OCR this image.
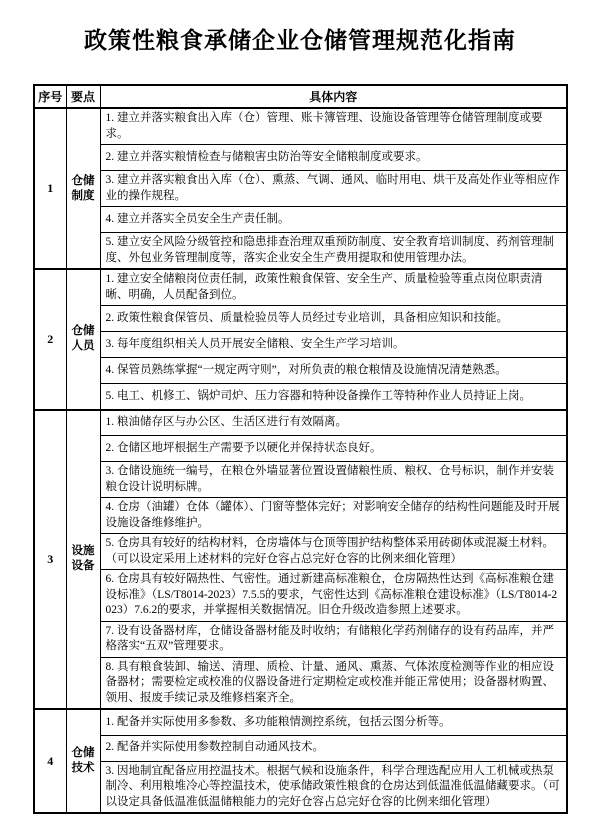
政策性粮食承储企业仓储管理规范化指南
序号	要点	具体内容
1	仓储制度	1. 建立并落实粮食出入库（仓）管理、账卡簿管理、设施设备管理等仓储管理制度或要求。
		2. 建立并落实粮情检查与储粮害虫防治等安全储粮制度或要求。
		3. 建立并落实粮食出入库（仓）、熏蒸、气调、通风、临时用电、烘干及高处作业等相应作业的操作规程。
		4. 建立并落实全员安全生产责任制。
		5. 建立安全风险分级管控和隐患排查治理双重预防制度、安全教育培训制度、药剂管理制度、外包业务管理制度等，落实企业安全生产费用提取和使用管理办法。
2	仓储人员	1. 建立安全储粮岗位责任制，政策性粮食保管、安全生产、质量检验等重点岗位职责清晰、明确，人员配备到位。
		2. 政策性粮食保管员、质量检验员等人员经过专业培训，具备相应知识和技能。
		3. 每年度组织相关人员开展安全储粮、安全生产学习培训。
		4. 保管员熟练掌握“一规定两守则”，对所负责的粮仓粮情及设施情况清楚熟悉。
		5. 电工、机修工、锅炉司炉、压力容器和特种设备操作工等特种作业人员持证上岗。
3	设施设备	1. 粮油储存区与办公区、生活区进行有效隔离。
		2. 仓储区地坪根据生产需要予以硬化并保持状态良好。
		3. 仓储设施统一编号，在粮仓外墙显著位置设置储粮性质、粮权、仓号标识，制作并安装粮仓设计说明标牌。
		4. 仓房（油罐）仓体（罐体）、门窗等整体完好；对影响安全储存的结构性问题能及时开展设施设备维修维护。
		5. 仓房具有较好的结构材料，仓房墙体与仓顶等围护结构整体采用砖砌体或混凝土材料。（可以设定采用上述材料的完好仓容占总完好仓容的比例来细化管理）
		6. 仓房具有较好隔热性、气密性。通过新建高标准粮仓，仓房隔热性达到《高标准粮仓建设标准》（LS/T8014-2023）7.5.5的要求，气密性达到《高标准粮仓建设标准》（LS/T8014-2023）7.6.2的要求，并掌握相关数据情况。旧仓升级改造参照上述要求。
		7. 设有设备器材库，仓储设备器材能及时收纳；有储粮化学药剂储存的设有药品库，并严格落实“五双”管理要求。
		8. 具有粮食装卸、输送、清理、质检、计量、通风、熏蒸、气体浓度检测等作业的相应设备器材；需要检定或校准的仪器设备进行定期检定或校准并能正常使用；设备器材购置、领用、报废手续记录及维修档案齐全。
4	仓储技术	1. 配备并实际使用多参数、多功能粮情测控系统，包括云图分析等。
		2. 配备并实际使用参数控制自动通风技术。
		3. 因地制宜配备应用控温技术。根据气候和设施条件，科学合理选配应用人工机械或热泵制冷、利用粮堆冷心等控温技术，使承储政策性粮食的仓房达到低温准低温储藏要求。（可以设定具备低温准低温储粮能力的完好仓容占总完好仓容的比例来细化管理）
